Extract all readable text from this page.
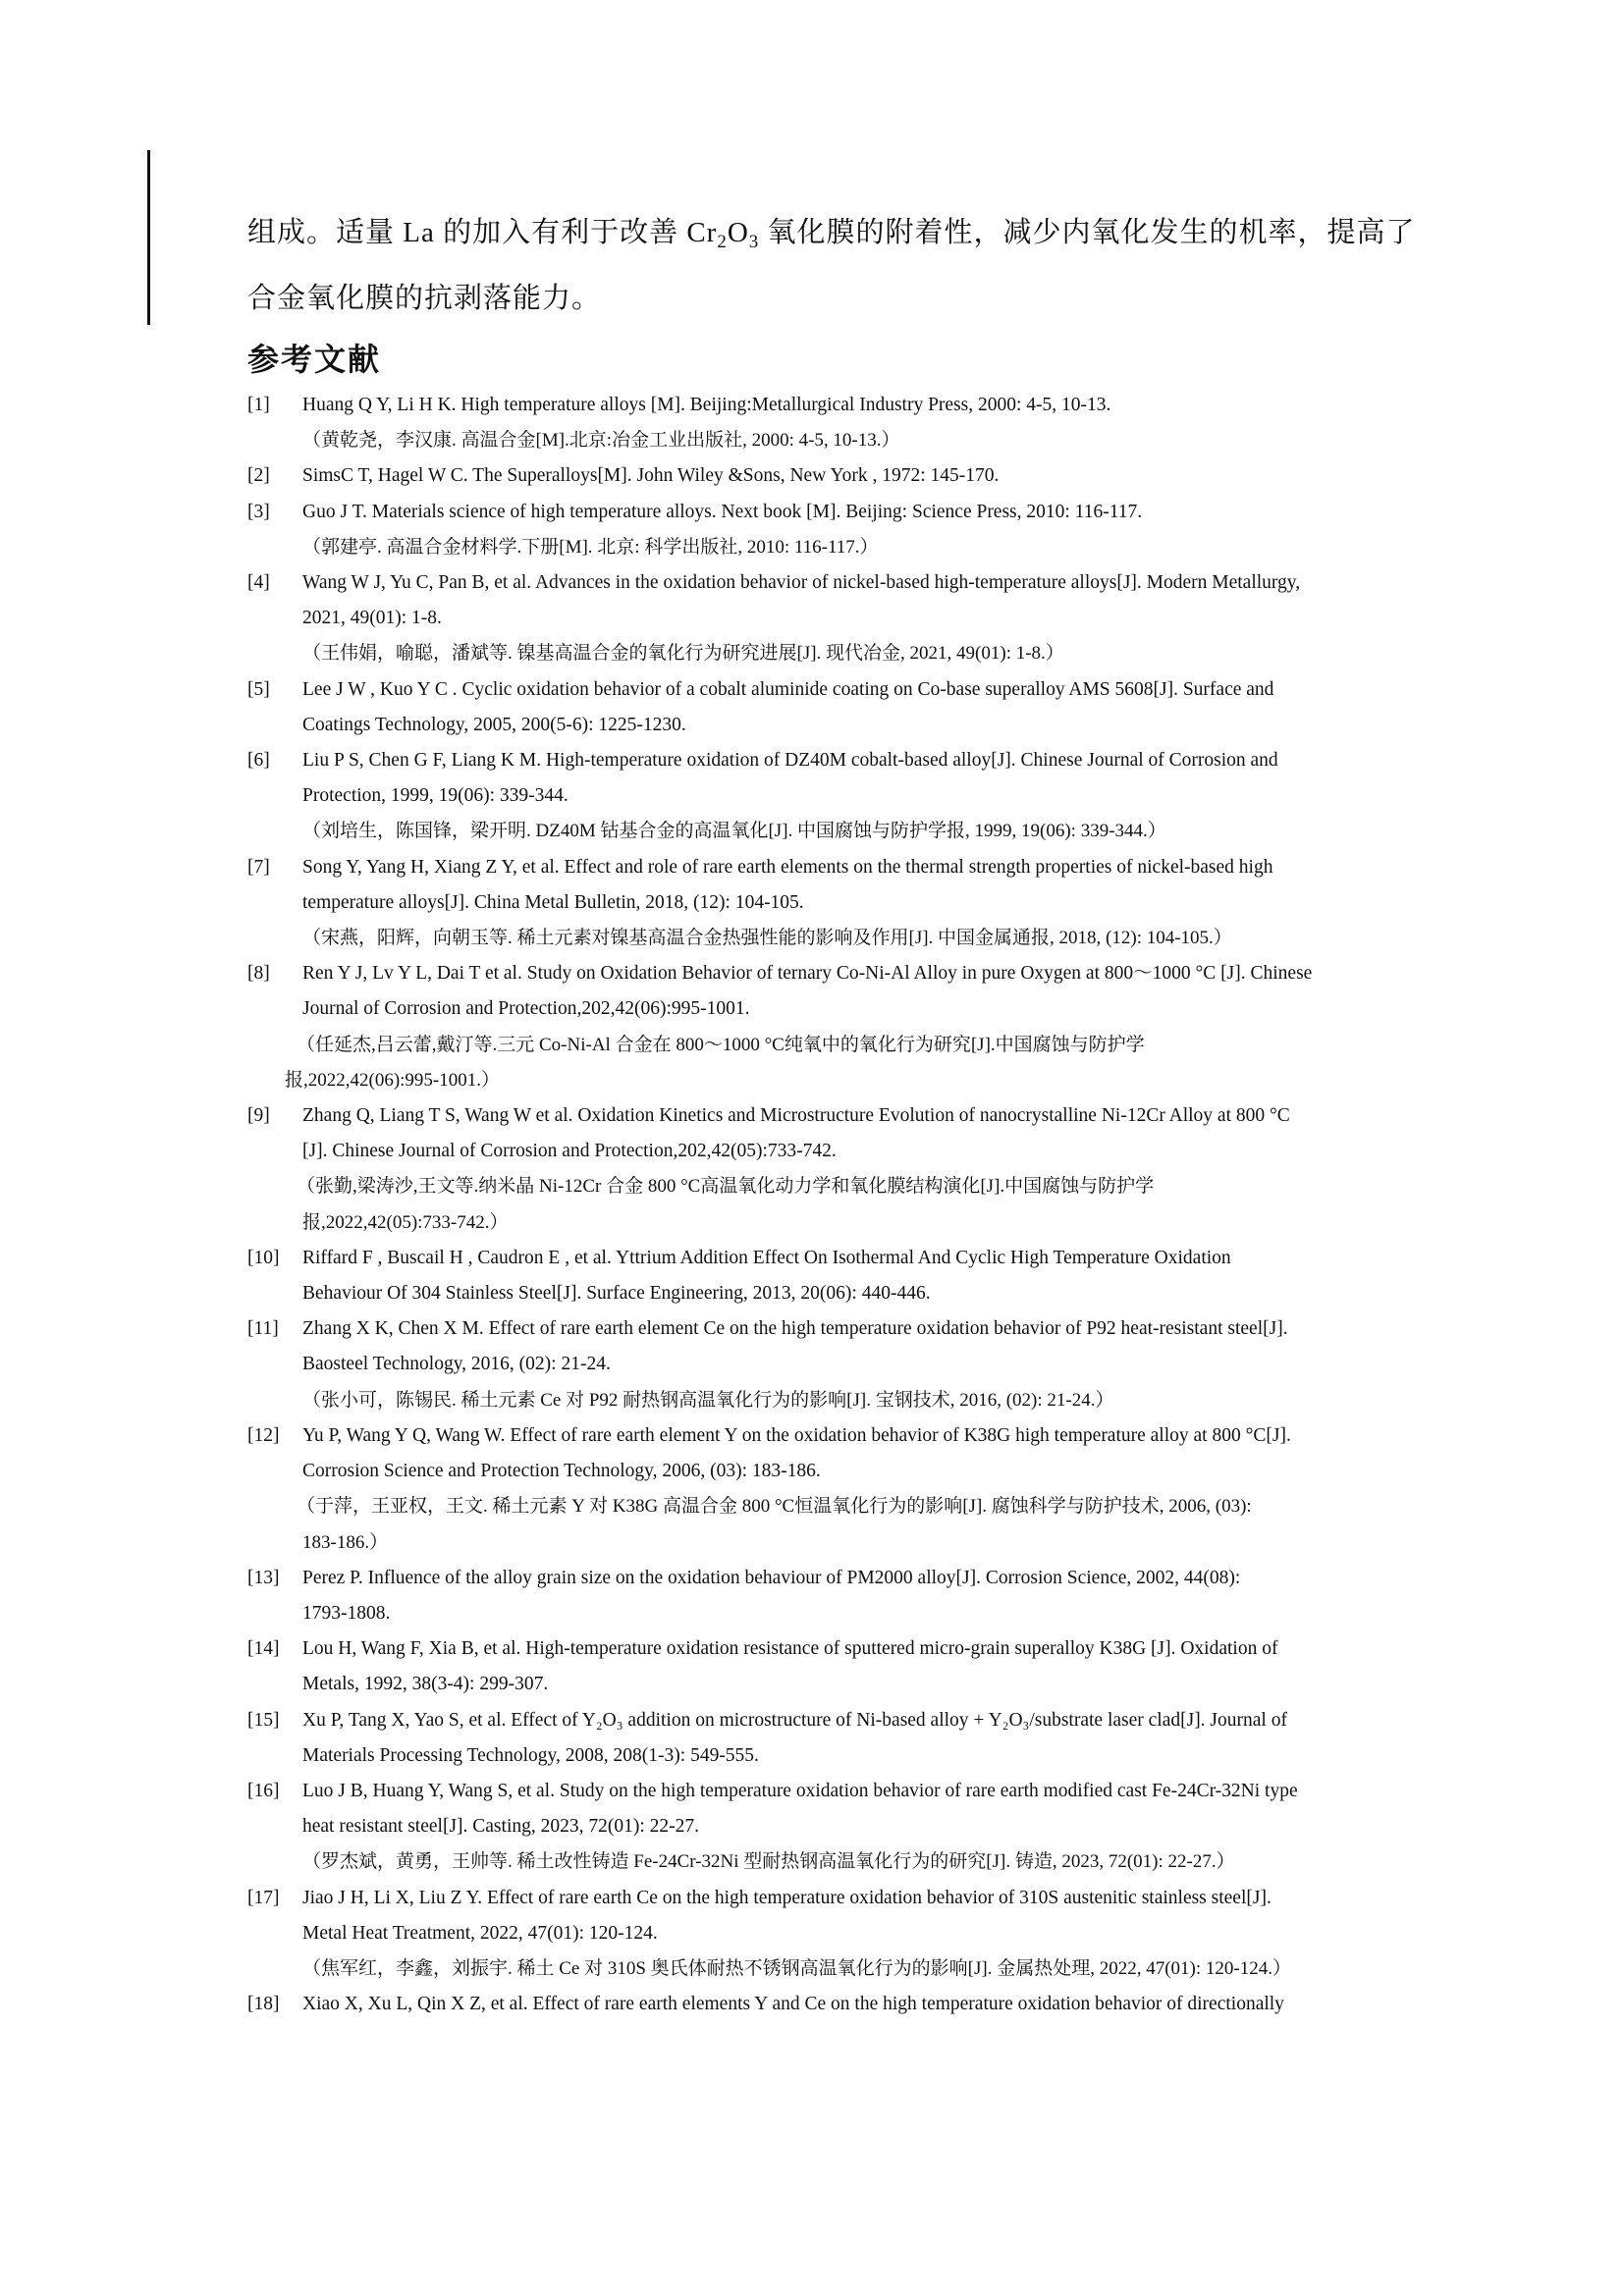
组成。适量 La 的加入有利于改善 $Cr_2O_3$ 氧化膜的附着性，减少内氧化发生的机率，提高了
合金氧化膜的抗剥落能力。
参考文献
[1]	Huang Q Y, Li H K. High temperature alloys [M]. Beijing:Metallurgical Industry Press, 2000: 4-5, 10-13.
（黄乾尧，李汉康. 高温合金[M].北京:冶金工业出版社, 2000: 4-5, 10-13.）
[2]	SimsC T, Hagel W C. The Superalloys[M]. John Wiley &Sons, New York , 1972: 145-170.
[3]	Guo J T. Materials science of high temperature alloys. Next book [M]. Beijing: Science Press, 2010: 116-117.
（郭建亭. 高温合金材料学.下册[M]. 北京: 科学出版社, 2010: 116-117.）
[4]	Wang W J, Yu C, Pan B, et al. Advances in the oxidation behavior of nickel-based high-temperature alloys[J]. Modern Metallurgy,
2021, 49(01): 1-8.
（王伟娟，喻聪，潘斌等. 镍基高温合金的氧化行为研究进展[J]. 现代冶金, 2021, 49(01): 1-8.）
[5]	Lee J W , Kuo Y C . Cyclic oxidation behavior of a cobalt aluminide coating on Co-base superalloy AMS 5608[J]. Surface and
Coatings Technology, 2005, 200(5-6): 1225-1230.
[6]	Liu P S, Chen G F, Liang K M. High-temperature oxidation of DZ40M cobalt-based alloy[J]. Chinese Journal of Corrosion and
Protection, 1999, 19(06): 339-344.
（刘培生，陈国锋，梁开明. DZ40M 钴基合金的高温氧化[J]. 中国腐蚀与防护学报, 1999, 19(06): 339-344.）
[7]	Song Y, Yang H, Xiang Z Y, et al. Effect and role of rare earth elements on the thermal strength properties of nickel-based high
temperature alloys[J]. China Metal Bulletin, 2018, (12): 104-105.
（宋燕，阳辉，向朝玉等. 稀土元素对镍基高温合金热强性能的影响及作用[J]. 中国金属通报, 2018, (12): 104-105.）
[8]	Ren Y J, Lv Y L, Dai T et al. Study on Oxidation Behavior of ternary Co-Ni-Al Alloy in pure Oxygen at 800～1000 °C [J]. Chinese
Journal of Corrosion and Protection,202,42(06):995-1001.
（任延杰,吕云蕾,戴汀等.三元 Co-Ni-Al 合金在 800～1000 °C纯氧中的氧化行为研究[J].中国腐蚀与防护学
报,2022,42(06):995-1001.）
[9]	Zhang Q, Liang T S, Wang W et al. Oxidation Kinetics and Microstructure Evolution of nanocrystalline Ni-12Cr Alloy at 800 °C
[J]. Chinese Journal of Corrosion and Protection,202,42(05):733-742.
（张勤,梁涛沙,王文等.纳米晶 Ni-12Cr 合金 800 °C高温氧化动力学和氧化膜结构演化[J].中国腐蚀与防护学
报,2022,42(05):733-742.）
[10]	Riffard F , Buscail H , Caudron E , et al. Yttrium Addition Effect On Isothermal And Cyclic High Temperature Oxidation
Behaviour Of 304 Stainless Steel[J]. Surface Engineering, 2013, 20(06): 440-446.
[11]	Zhang X K, Chen X M. Effect of rare earth element Ce on the high temperature oxidation behavior of P92 heat-resistant steel[J].
Baosteel Technology, 2016, (02): 21-24.
（张小可，陈锡民. 稀土元素 Ce 对 P92 耐热钢高温氧化行为的影响[J]. 宝钢技术, 2016, (02): 21-24.）
[12]	Yu P, Wang Y Q, Wang W. Effect of rare earth element Y on the oxidation behavior of K38G high temperature alloy at 800 °C[J].
Corrosion Science and Protection Technology, 2006, (03): 183-186.
（于萍，王亚权，王文. 稀土元素 Y 对 K38G 高温合金 800 °C恒温氧化行为的影响[J]. 腐蚀科学与防护技术, 2006, (03):
183-186.）
[13]	Perez P. Influence of the alloy grain size on the oxidation behaviour of PM2000 alloy[J]. Corrosion Science, 2002, 44(08):
1793-1808.
[14]	Lou H, Wang F, Xia B, et al. High-temperature oxidation resistance of sputtered micro-grain superalloy K38G [J]. Oxidation of
Metals, 1992, 38(3-4): 299-307.
[15]	Xu P, Tang X, Yao S, et al. Effect of Y₂O₃ addition on microstructure of Ni-based alloy + Y₂O₃/substrate laser clad[J]. Journal of
Materials Processing Technology, 2008, 208(1-3): 549-555.
[16]	Luo J B, Huang Y, Wang S, et al. Study on the high temperature oxidation behavior of rare earth modified cast Fe-24Cr-32Ni type
heat resistant steel[J]. Casting, 2023, 72(01): 22-27.
（罗杰斌，黄勇，王帅等. 稀土改性铸造 Fe-24Cr-32Ni 型耐热钢高温氧化行为的研究[J]. 铸造, 2023, 72(01): 22-27.）
[17]	Jiao J H, Li X, Liu Z Y. Effect of rare earth Ce on the high temperature oxidation behavior of 310S austenitic stainless steel[J].
Metal Heat Treatment, 2022, 47(01): 120-124.
（焦军红，李鑫，刘振宇. 稀土 Ce 对 310S 奥氏体耐热不锈钢高温氧化行为的影响[J]. 金属热处理, 2022, 47(01): 120-124.）
[18]	Xiao X, Xu L, Qin X Z, et al. Effect of rare earth elements Y and Ce on the high temperature oxidation behavior of directionally
